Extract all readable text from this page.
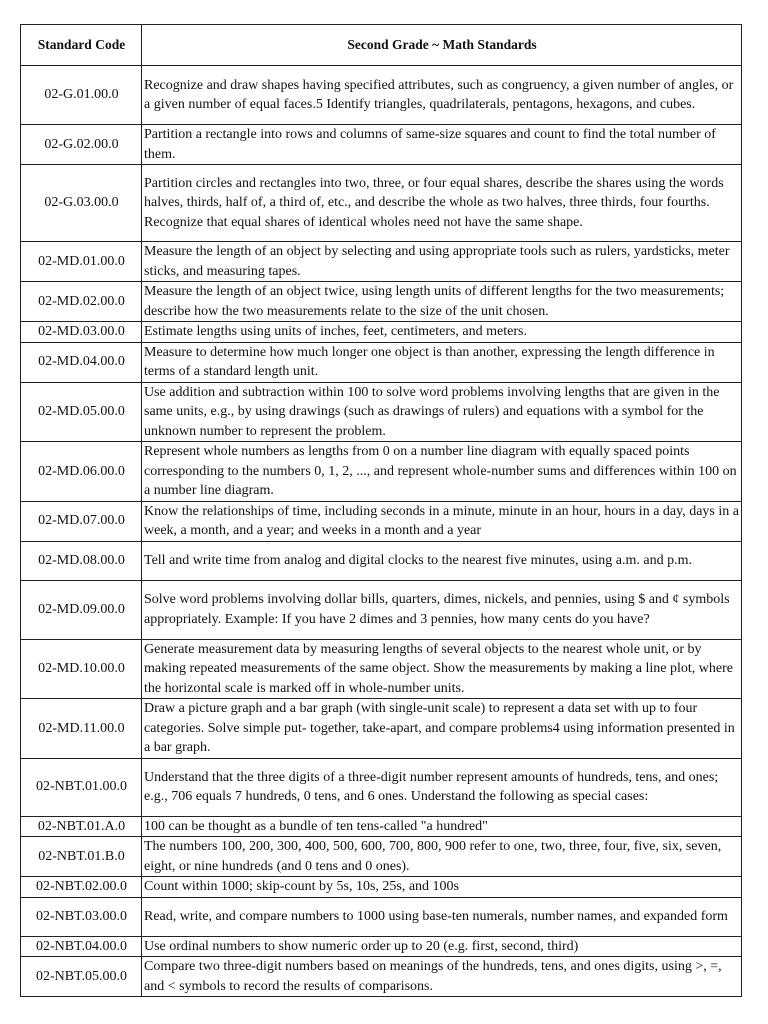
Standard Code	Second Grade ~ Math Standards
02-G.01.00.0	Recognize and draw shapes having specified attributes, such as congruency, a given number of angles, or a given number of equal faces.5 Identify triangles, quadrilaterals, pentagons, hexagons, and cubes.
02-G.02.00.0	Partition a rectangle into rows and columns of same-size squares and count to find the total number of them.
02-G.03.00.0	Partition circles and rectangles into two, three, or four equal shares, describe the shares using the words halves, thirds, half of, a third of, etc., and describe the whole as two halves, three thirds, four fourths. Recognize that equal shares of identical wholes need not have the same shape.
02-MD.01.00.0	Measure the length of an object by selecting and using appropriate tools such as rulers, yardsticks, meter sticks, and measuring tapes.
02-MD.02.00.0	Measure the length of an object twice, using length units of different lengths for the two measurements; describe how the two measurements relate to the size of the unit chosen.
02-MD.03.00.0	Estimate lengths using units of inches, feet, centimeters, and meters.
02-MD.04.00.0	Measure to determine how much longer one object is than another, expressing the length difference in terms of a standard length unit.
02-MD.05.00.0	Use addition and subtraction within 100 to solve word problems involving lengths that are given in the same units, e.g., by using drawings (such as drawings of rulers) and equations with a symbol for the unknown number to represent the problem.
02-MD.06.00.0	Represent whole numbers as lengths from 0 on a number line diagram with equally spaced points corresponding to the numbers 0, 1, 2, ..., and represent whole-number sums and differences within 100 on a number line diagram.
02-MD.07.00.0	Know the relationships of time, including seconds in a minute, minute in an hour, hours in a day, days in a week, a month, and a year; and weeks in a month and a year
02-MD.08.00.0	Tell and write time from analog and digital clocks to the nearest five minutes, using a.m. and p.m.
02-MD.09.00.0	Solve word problems involving dollar bills, quarters, dimes, nickels, and pennies, using $ and ¢ symbols appropriately. Example: If you have 2 dimes and 3 pennies, how many cents do you have?
02-MD.10.00.0	Generate measurement data by measuring lengths of several objects to the nearest whole unit, or by making repeated measurements of the same object. Show the measurements by making a line plot, where the horizontal scale is marked off in whole-number units.
02-MD.11.00.0	Draw a picture graph and a bar graph (with single-unit scale) to represent a data set with up to four categories. Solve simple put- together, take-apart, and compare problems4 using information presented in a bar graph.
02-NBT.01.00.0	Understand that the three digits of a three-digit number represent amounts of hundreds, tens, and ones; e.g., 706 equals 7 hundreds, 0 tens, and 6 ones. Understand the following as special cases:
02-NBT.01.A.0	100 can be thought as a bundle of ten tens-called "a hundred"
02-NBT.01.B.0	The numbers 100, 200, 300, 400, 500, 600, 700, 800, 900 refer to one, two, three, four, five, six, seven, eight, or nine hundreds (and 0 tens and 0 ones).
02-NBT.02.00.0	Count within 1000; skip-count by 5s, 10s, 25s, and 100s
02-NBT.03.00.0	Read, write, and compare numbers to 1000 using base-ten numerals, number names, and expanded form
02-NBT.04.00.0	Use ordinal numbers to show numeric order up to 20 (e.g. first, second, third)
02-NBT.05.00.0	Compare two three-digit numbers based on meanings of the hundreds, tens, and ones digits, using >, =, and < symbols to record the results of comparisons.
